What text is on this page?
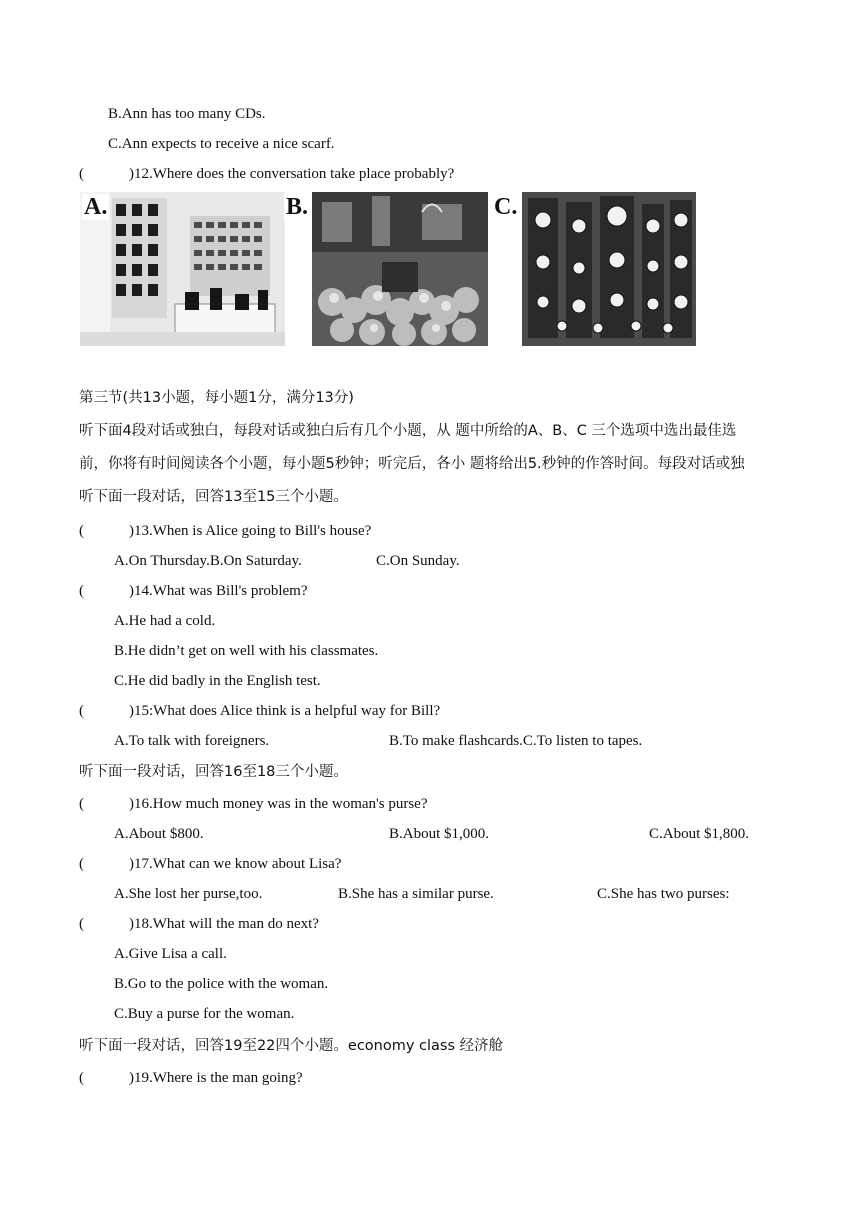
B.Ann has too many CDs.
C.Ann expects to receive a nice scarf.
(	)12.Where does the conversation take place probably?
A.	B.	C.
第三节(共13小题，每小题1分，满分13分)
听下面4段对话或独白，每段对话或独白后有几个小题，从 题中所给的A、B、C 三个选项中选出最佳选
前，你将有时间阅读各个小题，每小题5秒钟；听完后，各小 题将给出5.秒钟的作答时间。每段对话或独
听下面一段对话，回答13至15三个小题。
(	)13.When is Alice going to Bill's house?
A.On Thursday.B.On Saturday.	C.On Sunday.
(	)14.What was Bill's problem?
A.He had a cold.
B.He didn’t get on well with his classmates.
C.He did badly in the English test.
(	)15:What does Alice think is a helpful way for Bill?
A.To talk with foreigners.	B.To make flashcards.C.To listen to tapes.
听下面一段对话，回答16至18三个小题。
(	)16.How much money was in the woman's purse?
A.About $800.	B.About $1,000.	C.About $1,800.
(	)17.What can we know about Lisa?
A.She lost her purse,too.	B.She has a similar purse.	C.She has two purses:
(	)18.What will the man do next?
A.Give Lisa a call.
B.Go to the police with the woman.
C.Buy a purse for the woman.
听下面一段对话，回答19至22四个小题。economy class 经济舱
(	)19.Where is the man going?
